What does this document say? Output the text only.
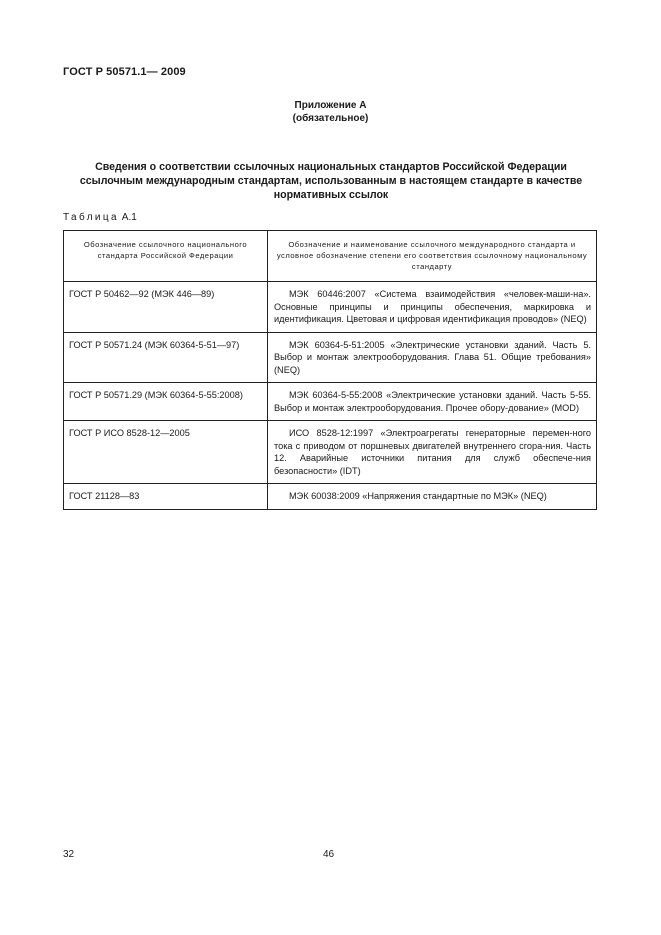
ГОСТ Р 50571.1— 2009
Приложение А
(обязательное)
Сведения о соответствии ссылочных национальных стандартов Российской Федерации
ссылочным международным стандартам, использованным в настоящем стандарте в качестве
нормативных ссылок
Таблица А.1
Обозначение ссылочного национального стандарта Российской Федерации	Обозначение и наименование ссылочного международного стандарта и условное обозначение степени его соответствия ссылочному национальному стандарту
ГОСТ Р 50462—92 (МЭК 446—89)	МЭК 60446:2007 «Система взаимодействия «человек-маши-на». Основные принципы и принципы обеспечения, маркировка и идентификация. Цветовая и цифровая идентификация проводов» (NEQ)
ГОСТ Р 50571.24 (МЭК 60364-5-51—97)	МЭК 60364-5-51:2005 «Электрические установки зданий. Часть 5. Выбор и монтаж электрооборудования. Глава 51. Общие требования» (NEQ)
ГОСТ Р 50571.29 (МЭК 60364-5-55:2008)	МЭК 60364-5-55:2008 «Электрические установки зданий. Часть 5-55. Выбор и монтаж электрооборудования. Прочее обору-дование» (MOD)
ГОСТ Р ИСО 8528-12—2005	ИСО 8528-12:1997 «Электроагрегаты генераторные перемен-ного тока с приводом от поршневых двигателей внутреннего сгора-ния. Часть 12. Аварийные источники питания для служб обеспече-ния безопасности» (IDT)
ГОСТ 21128—83	МЭК 60038:2009 «Напряжения стандартные по МЭК» (NEQ)
32	46
